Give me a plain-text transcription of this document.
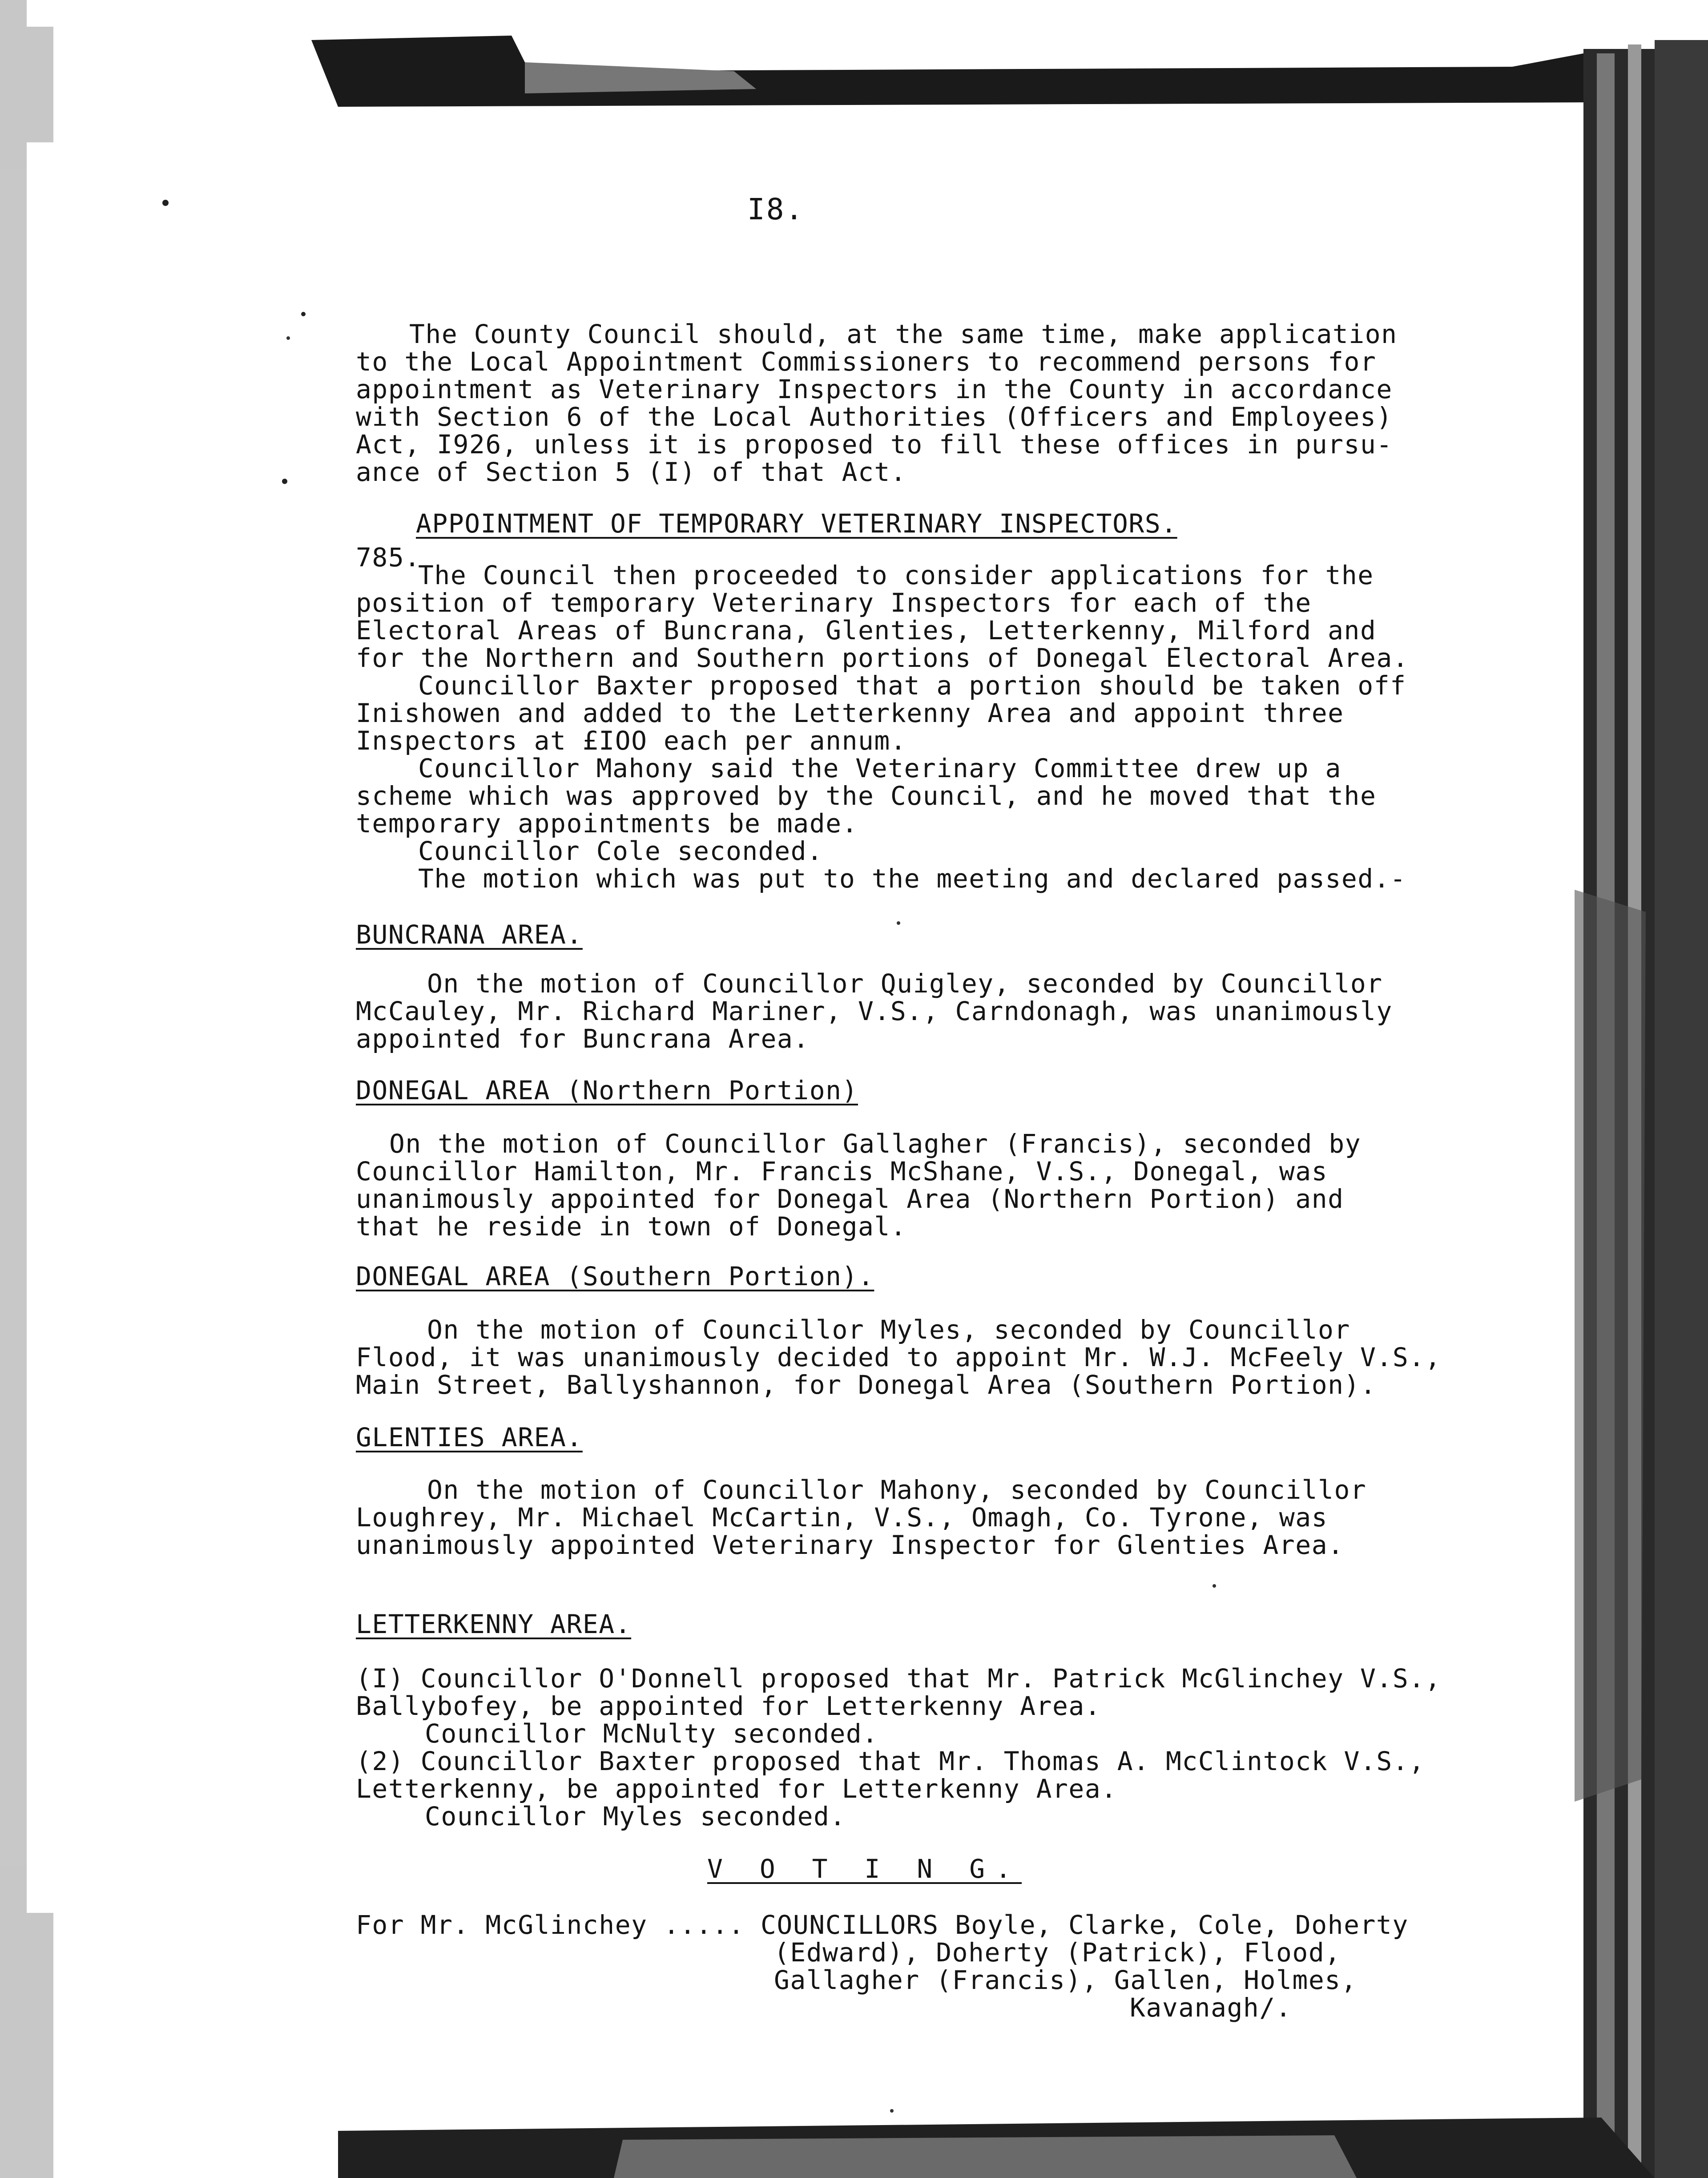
I8.

The County Council should, at the same time, make application

to the Local Appointment Commissioners to recommend persons for

appointment as Veterinary Inspectors in the County in accordance

with Section 6 of the Local Authorities (Officers and Employees)

Act, I926, unless it is proposed to fill these offices in pursu-

ance of Section 5 (I) of that Act.

APPOINTMENT OF TEMPORARY VETERINARY INSPECTORS.

785.

The Council then proceeded to consider applications for the

position of temporary Veterinary Inspectors for each of the

Electoral Areas of Buncrana, Glenties, Letterkenny, Milford and

for the Northern and Southern portions of Donegal Electoral Area.

Councillor Baxter proposed that a portion should be taken off

Inishowen and added to the Letterkenny Area and appoint three

Inspectors at £IOO each per annum.

Councillor Mahony said the Veterinary Committee drew up a

scheme which was approved by the Council, and he moved that the

temporary appointments be made.

Councillor Cole seconded.

The motion which was put to the meeting and declared passed.-

BUNCRANA AREA.

On the motion of Councillor Quigley, seconded by Councillor

McCauley, Mr. Richard Mariner, V.S., Carndonagh, was unanimously

appointed for Buncrana Area.

DONEGAL AREA (Northern Portion)

On the motion of Councillor Gallagher (Francis), seconded by

Councillor Hamilton, Mr. Francis McShane, V.S., Donegal, was

unanimously appointed for Donegal Area (Northern Portion) and

that he reside in town of Donegal.

DONEGAL AREA (Southern Portion).

On the motion of Councillor Myles, seconded by Councillor

Flood, it was unanimously decided to appoint Mr. W.J. McFeely V.S.,

Main Street, Ballyshannon, for Donegal Area (Southern Portion).

GLENTIES AREA.

On the motion of Councillor Mahony, seconded by Councillor

Loughrey, Mr. Michael McCartin, V.S., Omagh, Co. Tyrone, was

unanimously appointed Veterinary Inspector for Glenties Area.

LETTERKENNY AREA.

(I) Councillor O'Donnell proposed that Mr. Patrick McGlinchey V.S.,

Ballybofey, be appointed for Letterkenny Area.

Councillor McNulty seconded.

(2) Councillor Baxter proposed that Mr. Thomas A. McClintock V.S.,

Letterkenny, be appointed for Letterkenny Area.

Councillor Myles seconded.

V O T I N G.

For Mr. McGlinchey ..... COUNCILLORS Boyle, Clarke, Cole, Doherty

(Edward), Doherty (Patrick), Flood,

Gallagher (Francis), Gallen, Holmes,

Kavanagh/.
